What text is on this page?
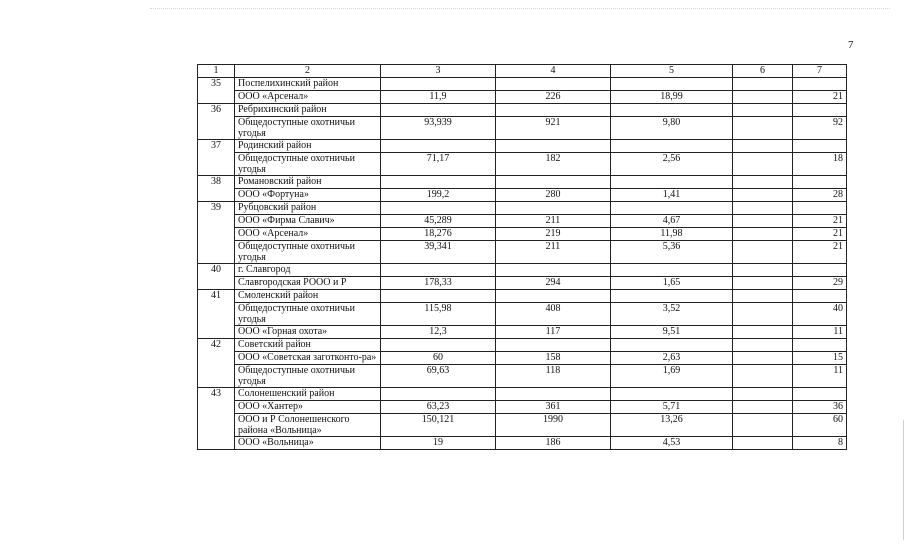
7
1	2	3	4	5	6	7
35	Поспелихинский район					
	ООО «Арсенал»	11,9	226	18,99		21
36	Ребрихинский район					
	Общедоступные охотничьи угодья	93,939	921	9,80		92
37	Родинский район					
	Общедоступные охотничьи угодья	71,17	182	2,56		18
38	Романовский район					
	ООО «Фортуна»	199,2	280	1,41		28
39	Рубцовский район					
	ООО «Фирма Славич»	45,289	211	4,67		21
	ООО «Арсенал»	18,276	219	11,98		21
	Общедоступные охотничьи угодья	39,341	211	5,36		21
40	г. Славгород					
	Славгородская РООО и Р	178,33	294	1,65		29
41	Смоленский район					
	Общедоступные охотничьи угодья	115,98	408	3,52		40
	ООО «Горная охота»	12,3	117	9,51		11
42	Советский район					
	ООО «Советская заготконто-ра»	60	158	2,63		15
	Общедоступные охотничьи угодья	69,63	118	1,69		11
43	Солонешенский район					
	ООО «Хантер»	63,23	361	5,71		36
	ООО и Р Солонешенского района «Вольница»	150,121	1990	13,26		60
	ООО «Вольница»	19	186	4,53		8
